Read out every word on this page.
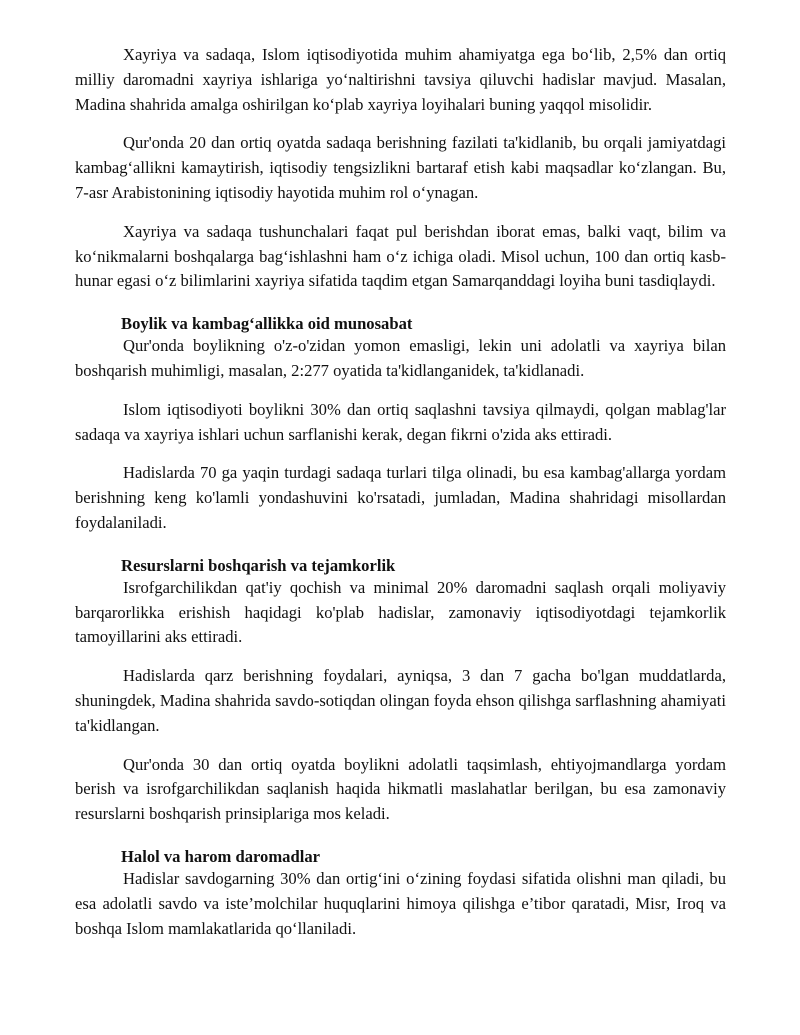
Xayriya va sadaqa, Islom iqtisodiyotida muhim ahamiyatga ega bo‘lib, 2,5% dan ortiq milliy daromadni xayriya ishlariga yo‘naltirishni tavsiya qiluvchi hadislar mavjud. Masalan, Madina shahrida amalga oshirilgan ko‘plab xayriya loyihalari buning yaqqol misolidir.

Qur'onda 20 dan ortiq oyatda sadaqa berishning fazilati ta'kidlanib, bu orqali jamiyatdagi kambag‘allikni kamaytirish, iqtisodiy tengsizlikni bartaraf etish kabi maqsadlar ko‘zlangan. Bu, 7-asr Arabistonining iqtisodiy hayotida muhim rol o‘ynagan.

Xayriya va sadaqa tushunchalari faqat pul berishdan iborat emas, balki vaqt, bilim va ko‘nikmalarni boshqalarga bag‘ishlashni ham o‘z ichiga oladi. Misol uchun, 100 dan ortiq kasb-hunar egasi o‘z bilimlarini xayriya sifatida taqdim etgan Samarqanddagi loyiha buni tasdiqlaydi.

Boylik va kambag‘allikka oid munosabat

Qur'onda boylikning o'z-o'zidan yomon emasligi, lekin uni adolatli va xayriya bilan boshqarish muhimligi, masalan, 2:277 oyatida ta'kidlanganidek, ta'kidlanadi.

Islom iqtisodiyoti boylikni 30% dan ortiq saqlashni tavsiya qilmaydi, qolgan mablag'lar sadaqa va xayriya ishlari uchun sarflanishi kerak, degan fikrni o'zida aks ettiradi.

Hadislarda 70 ga yaqin turdagi sadaqa turlari tilga olinadi, bu esa kambag'allarga yordam berishning keng ko'lamli yondashuvini ko'rsatadi, jumladan, Madina shahridagi misollardan foydalaniladi.

Resurslarni boshqarish va tejamkorlik

Isrofgarchilikdan qat'iy qochish va minimal 20% daromadni saqlash orqali moliyaviy barqarorlikka erishish haqidagi ko'plab hadislar, zamonaviy iqtisodiyotdagi tejamkorlik tamoyillarini aks ettiradi.

Hadislarda qarz berishning foydalari, ayniqsa, 3 dan 7 gacha bo'lgan muddatlarda, shuningdek, Madina shahrida savdo-sotiqdan olingan foyda ehson qilishga sarflashning ahamiyati ta'kidlangan.

Qur'onda 30 dan ortiq oyatda boylikni adolatli taqsimlash, ehtiyojmandlarga yordam berish va isrofgarchilikdan saqlanish haqida hikmatli maslahatlar berilgan, bu esa zamonaviy resurslarni boshqarish prinsiplariga mos keladi.

Halol va harom daromadlar

Hadislar savdogarning 30% dan ortig‘ini o‘zining foydasi sifatida olishni man qiladi, bu esa adolatli savdo va iste’molchilar huquqlarini himoya qilishga e’tibor qaratadi, Misr, Iroq va boshqa Islom mamlakatlarida qo‘llaniladi.
